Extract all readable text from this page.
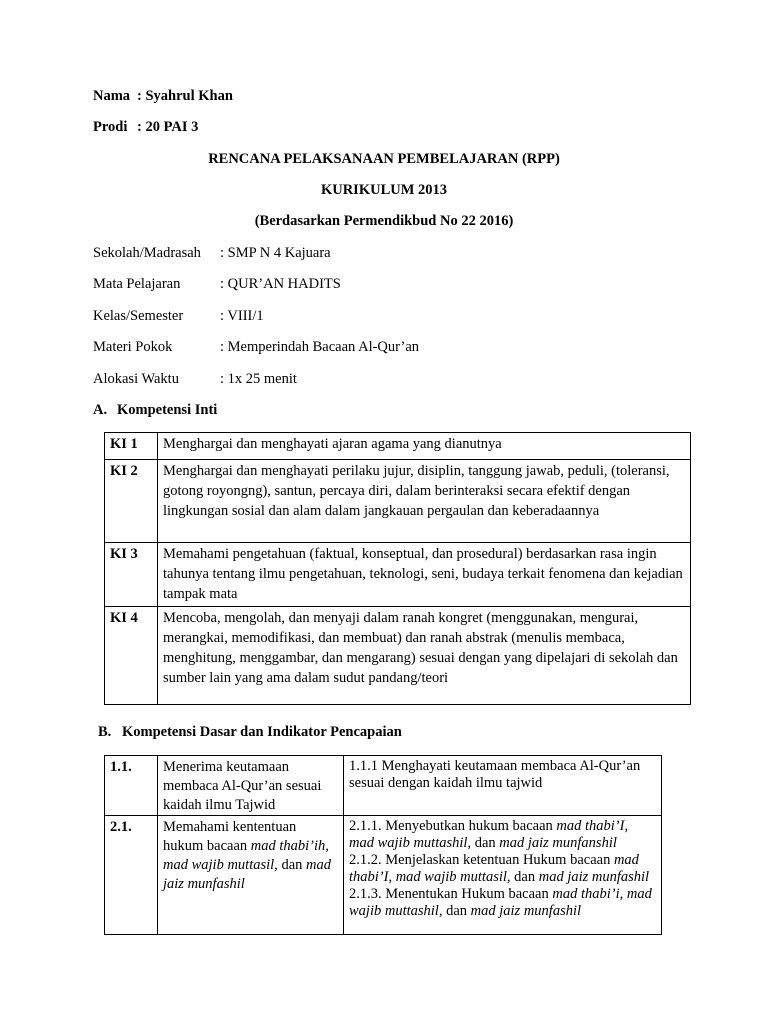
Nama : Syahrul Khan
Prodi : 20 PAI 3
RENCANA PELAKSANAAN PEMBELAJARAN (RPP)
KURIKULUM 2013
(Berdasarkan Permendikbud No 22 2016)
Sekolah/Madrasah : SMP N 4 Kajuara
Mata Pelajaran	: QUR’AN HADITS
Kelas/Semester	: VIII/1
Materi Pokok	: Memperindah Bacaan Al-Qur’an
Alokasi Waktu	: 1x 25 menit
A. Kompetensi Inti
KI 1	Menghargai dan menghayati ajaran agama yang dianutnya
KI 2	Menghargai dan menghayati perilaku jujur, disiplin, tanggung jawab, peduli, (toleransi, gotong royongng), santun, percaya diri, dalam berinteraksi secara efektif dengan lingkungan sosial dan alam dalam jangkauan pergaulan dan keberadaannya
KI 3	Memahami pengetahuan (faktual, konseptual, dan prosedural) berdasarkan rasa ingin tahunya tentang ilmu pengetahuan, teknologi, seni, budaya terkait fenomena dan kejadian tampak mata
KI 4	Mencoba, mengolah, dan menyaji dalam ranah kongret (menggunakan, mengurai, merangkai, memodifikasi, dan membuat) dan ranah abstrak (menulis membaca, menghitung, menggambar, dan mengarang) sesuai dengan yang dipelajari di sekolah dan sumber lain yang ama dalam sudut pandang/teori
B. Kompetensi Dasar dan Indikator Pencapaian
1.1.	Menerima keutamaan membaca Al-Qur’an sesuai kaidah ilmu Tajwid	1.1.1 Menghayati keutamaan membaca Al-Qur’an sesuai dengan kaidah ilmu tajwid

2.1.	Memahami kententuan hukum bacaan mad thabi’ih, mad wajib muttasil, dan mad jaiz munfashil	2.1.1. Menyebutkan hukum bacaan mad thabi’I, mad wajib muttashil, dan mad jaiz munfanshil
2.1.2. Menjelaskan ketentuan Hukum bacaan mad thabi’I, mad wajib muttasil, dan mad jaiz munfashil
2.1.3. Menentukan Hukum bacaan mad thabi’i, mad wajib muttashil, dan mad jaiz munfashil
